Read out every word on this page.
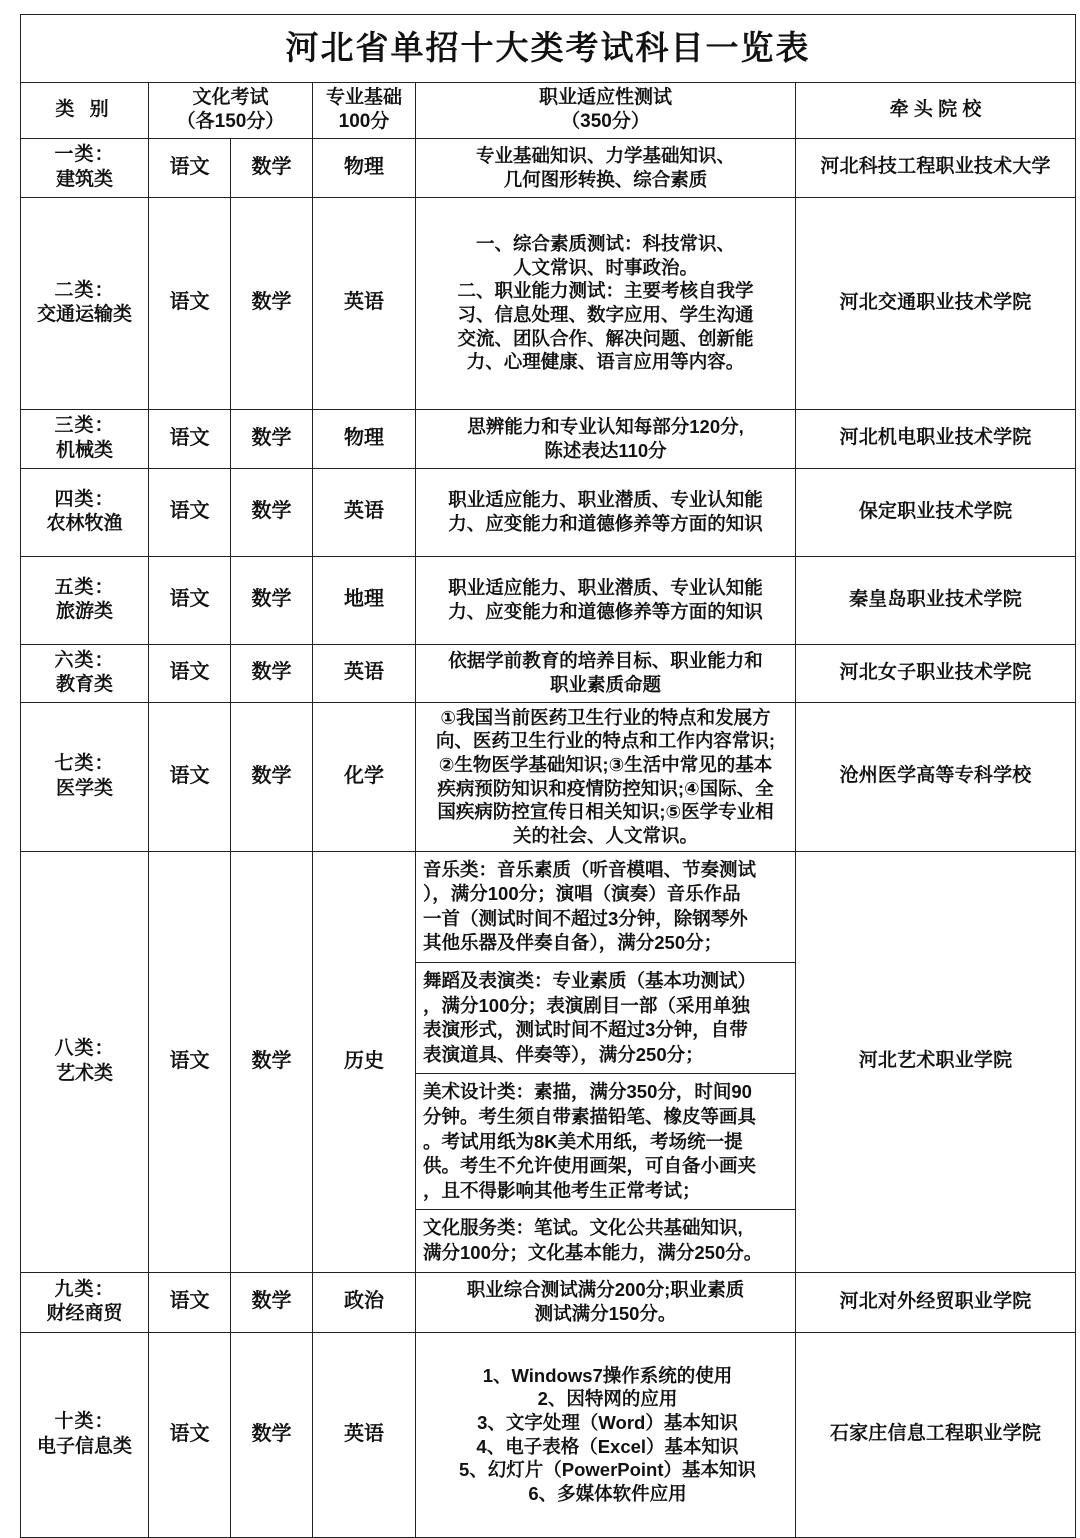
河北省单招十大类考试科目一览表
类 别	文化考试
（各150分）
	专业基础
100分
	职业适应性测试
（350分）
	牵 头 院 校

一类：
建筑类
	语文	数学	物理	
专业基础知识、力学基础知识、
几何图形转换、综合素质
	河北科技工程职业技术大学

二类：
交通运输类
	语文	数学	英语	
一、综合素质测试：科技常识、
人文常识、时事政治。
二、职业能力测试：主要考核自我学
习、信息处理、数字应用、学生沟通
交流、团队合作、解决问题、创新能
力、心理健康、语言应用等内容。
	河北交通职业技术学院

三类：
机械类
	语文	数学	物理	
思辨能力和专业认知每部分120分,
陈述表达110分
	河北机电职业技术学院

四类：
农林牧渔
	语文	数学	英语	
职业适应能力、职业潜质、专业认知能
力、应变能力和道德修养等方面的知识
	保定职业技术学院

五类：
旅游类
	语文	数学	地理	
职业适应能力、职业潜质、专业认知能
力、应变能力和道德修养等方面的知识
	秦皇岛职业技术学院

六类：
教育类
	语文	数学	英语	
依据学前教育的培养目标、职业能力和
职业素质命题
	河北女子职业技术学院

七类：
医学类
	语文	数学	化学	
①我国当前医药卫生行业的特点和发展方
向、医药卫生行业的特点和工作内容常识;
②生物医学基础知识;③生活中常见的基本
疾病预防知识和疫情防控知识;④国际、全
国疾病防控宣传日相关知识;⑤医学专业相
关的社会、人文常识。
	沧州医学高等专科学校

八类：
艺术类
	语文	数学	历史	
音乐类：音乐素质（听音模唱、节奏测试
），满分100分；演唱（演奏）音乐作品
一首（测试时间不超过3分钟，除钢琴外
其他乐器及伴奏自备），满分250分；

舞蹈及表演类：专业素质（基本功测试）
，满分100分；表演剧目一部（采用单独
表演形式，测试时间不超过3分钟，自带
表演道具、伴奏等），满分250分；

美术设计类：素描，满分350分，时间90
分钟。考生须自带素描铅笔、橡皮等画具
。考试用纸为8K美术用纸，考场统一提
供。考生不允许使用画架，可自备小画夹
，且不得影响其他考生正常考试；

文化服务类：笔试。文化公共基础知识,
满分100分；文化基本能力，满分250分。
	河北艺术职业学院

九类：
财经商贸
	语文	数学	政治	
职业综合测试满分200分;职业素质
测试满分150分。
	河北对外经贸职业学院

十类：
电子信息类
	语文	数学	英语	
1、Windows7操作系统的使用
2、因特网的应用
3、文字处理（Word）基本知识
4、电子表格（Excel）基本知识
5、幻灯片（PowerPoint）基本知识
6、多媒体软件应用
	石家庄信息工程职业学院
